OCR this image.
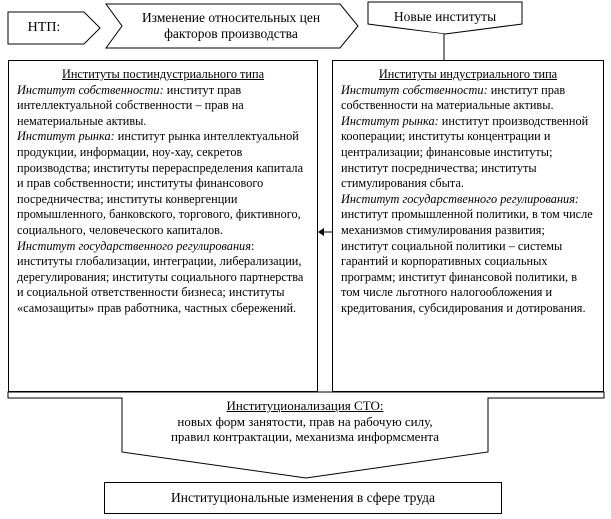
НТП:
Изменение относительных цен
факторов производства
Новые институты
Институты постиндустриального типа
Институт собственности: институт прав интеллектуальной собственности – прав на нематериальные активы.
Институт рынка: институт рынка интеллектуальной продукции, информации, ноу-хау, секретов производства; институты перераспределения капитала и прав собственности; институты финансового посредничества; институты конвергенции промышленного, банковского, торгового, фиктивного, социального, человеческого капиталов.
Институт государственного регулирования: институты глобализации, интеграции, либерализации, дерегулирования; институты социального партнерства и социальной ответственности бизнеса; институты «самозащиты» прав работника, частных сбережений.
Институты индустриального типа
Институт собственности: институт прав собственности на материальные активы.
Институт рынка: институт производственной кооперации; институты концентрации и централизации; финансовые институты; институт посредничества; институты стимулирования сбыта.
Институт государственного регулирования: институт промышленной политики, в том числе механизмов стимулирования развития; институт социальной политики – системы гарантий и корпоративных социальных программ; институт финансовой политики, в том числе льготного налогообложения и кредитования, субсидирования и дотирования.
Институционализация СТО:
новых форм занятости, прав на рабочую силу,
правил контрактации, механизма информсмента
Институциональные изменения в сфере труда
